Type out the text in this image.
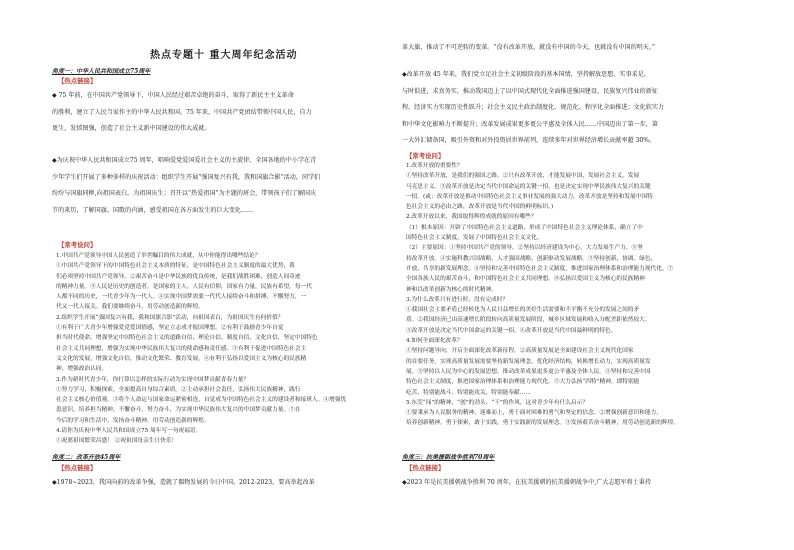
热点专题十 重大周年纪念活动
角度一：中华人民共和国成立75周年
【热点链接】
◆ 75 年前，在中国共产党领导下，中国人民经过艰苦卓绝的奋斗，取得了新民主主义革命
的胜利，建立了人民当家作主的中华人民共和国。75 年来，中国共产党团结带领中国人民，自力
更生，发愤图强，创造了社会主义新中国建设的伟大成就。
◆为庆祝中华人民共和国成立75 周年，唱响爱党爱国爱社会主义的主旋律，全国各地的中小学在青
少年学生们开展了多种多样的庆祝活动：组织学生开展“强国复兴有我，我和国旗合影”活动，同学们
纷纷与国旗同框,向祖国表白，为祖国庆生；召开以“热爱祖国”为主题的班会，带领孩子们了解国庆
节的来历，了解国旗、国歌的内涵，感受祖国在各方面发生的巨大变化……
【常考设问】
1.中国共产党领导中国人民创造了举世瞩目的伟大成就，从中你能得出哪些结论？
①中国共产党领导下的中国特色社会主义本质的特征，是中国特色社会主义制度的最大优势，我
们必须坚持中国共产党领导。②艰苦奋斗是中华民族的优良传统，是我们战胜困难，创造人间奇迹
的精神力量。③人民是历史的创造者，是国家的主人。人民有信仰，国家有力量，民族有希望。每一代
人都不同的历史，一代青少年为一代人。④实现中国梦需要一代代人接续奋斗和拼搏，不懈努力，一
代又一代人接关。我们要继续奋斗，用劳动创造新的辉煌。
2.组织学生开展“强国复兴有我，我和国旗合影”活动，向祖国表白，为祖国庆生有何价值？
①有利于广大青少年增强爱党爱国情感，坚定立志成才报国理想。②有利于鼓励青少年自觉
担当时代使命，增强坚定中国特色社会主义的道路自信、理论自信、制度自信、文化自信，坚定中国特色
社会主义共同理想，增强为实现中华民族伟大复兴的使命感和责任感。③有利于促进中国特色社会主
义文化的发展，增强文化自信，推动文化繁荣、教育发展。④有利于弘扬以爱国主义为核心的民族精
神，增强政治认同。
3.作为新时代青少年，你打算以怎样的实际行动为实现中国梦贡献青春力量？
①努力学习，积极探索，全面提高自身综合素质。②主动承担社会责任，弘扬伟大民族精神，践行
社会主义核心价值观。③将个人命运与国家命运紧密相连，自觉成为中国特色社会主义的建设者和接班人。④增强忧
患意识，培养担当精神，不懈奋斗，努力奋斗，为实现中华民族伟大复兴的中国梦贡献力量。⑤在
今后的学习和生活中，发扬奋斗精神，用劳动创造新的辉煌。
4.请你为庆祝中华人民共和国成立75 周年写一句祝福语。
①祝愿祖国繁荣昌盛！ ②祝祖国母亲生日快乐！
角度二：改革开放45周年
【热点链接】
◆1978~2023，我国向前的改革争强，造就了僵物发展的今日中国。2012-2023，要高举起改革
革大旗，推动了不可逆转的变革。“没有改革开放，就没有中国的今天，也就没有中国的明天。”
◆改革开放 45 年来，我们党立足社会主义初级阶段的基本国情，坚持解放思想、实事求是，
与时俱进，求真务实，推动我国迈上了以中国式现代化全面推进强国建设、民族复兴伟业的新征
程。经济实力实现历史性跃升；社会主义民主政治制度化、规范化、程序化全面推进；文化软实力
和中华文化影响力不断提升；改革发展成果更多更公平惠及全体人民……中国迈出了第一步，第
一大外汇储备国，吸引外资和对外投资居世界前列，连续多年对世界经济增长贡献率超 30%。
【常考设问】
1.改革开放的重要性？
①坚持改革开放，是我们的强国之路。②只有改革开放，才能发展中国，发展社会主义，发展
马克思主义。③改革开放是决定当代中国命运的关键一招，也是决定实现中华民族伟大复兴的关键
一招。(或：改革开放是推动中国特色社会主义事业发展的强大动力。改革开放是坚持和发展中国特
色社会主义的必由之路，改革开放是当代中国的鲜明标识。)
2.改革开放以来，我国取得辉煌成就的原因有哪些？
（1）根本原因：开辟了中国特色社会主义道路，形成了中国特色社会主义理论体系，确立了中
国特色社会主义制度，发展了中国特色社会主义文化。
（2）主要原因：①坚持中国共产党的领导。②坚持以经济建设为中心，大力发展生产力。③坚
持改革开放。④实施科教兴国战略，人才强国战略，创新驱动发展战略。⑤坚持创新、协调、绿色、
开放、共享的新发展理念。⑥坚持和完善中国特色社会主义制度，推进国家治理体系和治理能力现代化。⑦
全国各族人民的艰苦奋斗，和中国特色社会主义共同理想。⑧弘扬以爱国主义为核心的民族精神
神和以改革创新为核心的时代精神。
3.为什么改革只有进行时，没有完成时？
①我国社会主要矛盾已经转化为人民日益增长的美好生活需要和不平衡不充分的发展之间的矛
盾。②我国经济已由高速增长阶段转向高质量发展阶段，城乡区域发展和收入分配差距依然较大。
③改革开放是决定当代中国命运的关键一招。④改革开放是当代中国最鲜明的特色。
4.如何全面深化改革？
①坚持问题导向，开启全面深化改革新征程。②高质量发展是全面建设社会主义现代化国家
的首要任务，实现高质量发展需要坚持新发展理念，优化经济结构，转换增长动力，实现高质量发
展。③坚持以人民为中心的发展思想，推动改革成果更多更公平惠及全体人民。④坚持和完善中国
特色社会主义制度，推进国家治理体系和治理能力现代化。⑤大力弘扬“四特”精神，即特别能
吃苦、特别能战斗、特别能攻关、特别能奉献……
5.东莞“闯”的精神、“创”的劲头、“干”的作风，这对青少年有什么启示？
①要秉承为人民服务的精神，迎难而上，勇于面对困难的勇气和坚定的信念。②增强创新意识和能力，
培养创新精神，勇于探索，敢于实践，勇于实践新的发展理念。③发扬艰苦奋斗精神，用劳动创造新的辉煌。
角度三：抗美援朝战争胜利70周年
【热点链接】
◆2023 年是抗美援朝战争胜利 70 周年，在抗美援朝的抗美援朝战争中,广大志愿军将士秉持
